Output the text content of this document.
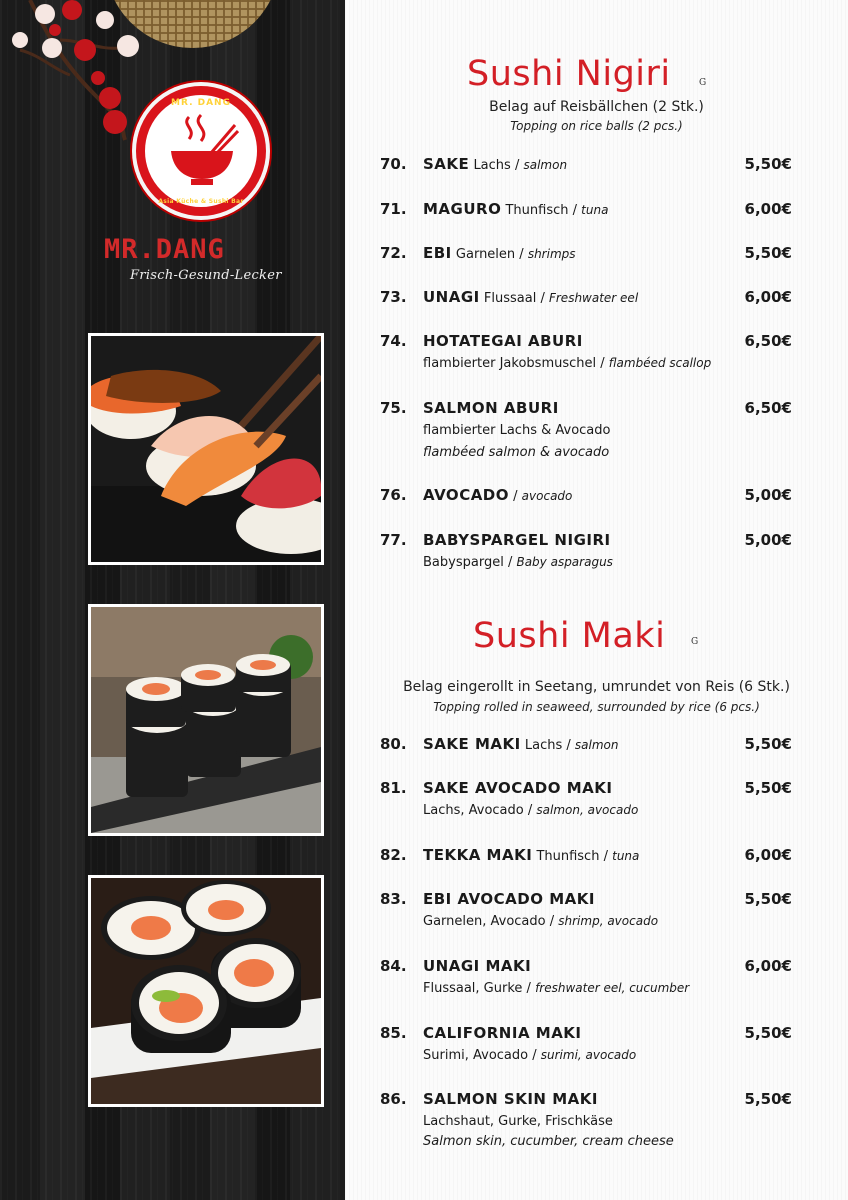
MR. DANG
Asia Küche & Sushi Bar
MR.DANG
Frisch-Gesund-Lecker
Sushi Nigiri	G
Belag auf Reisbällchen (2 Stk.)
Topping on rice balls (2 pcs.)
70. SAKE Lachs / salmon	5,50€
71. MAGURO Thunfisch / tuna	6,00€
72. EBI Garnelen / shrimps	5,50€
73. UNAGI Flussaal / Freshwater eel	6,00€
74. HOTATEGAI ABURI	6,50€
flambierter Jakobsmuschel / flambéed scallop
75. SALMON ABURI	6,50€
flambierter Lachs & Avocado
flambéed salmon & avocado
76. AVOCADO / avocado	5,00€
77. BABYSPARGEL NIGIRI	5,00€
Babyspargel / Baby asparagus
Sushi Maki	G
Belag eingerollt in Seetang, umrundet von Reis (6 Stk.)
Topping rolled in seaweed, surrounded by rice (6 pcs.)
80. SAKE MAKI Lachs / salmon	5,50€
81. SAKE AVOCADO MAKI	5,50€
Lachs, Avocado / salmon, avocado
82. TEKKA MAKI Thunfisch / tuna	6,00€
83. EBI AVOCADO MAKI	5,50€
Garnelen, Avocado / shrimp, avocado
84. UNAGI MAKI	6,00€
Flussaal, Gurke / freshwater eel, cucumber
85. CALIFORNIA MAKI	5,50€
Surimi, Avocado / surimi, avocado
86. SALMON SKIN MAKI	5,50€
Lachshaut, Gurke, Frischkäse
Salmon skin, cucumber, cream cheese
